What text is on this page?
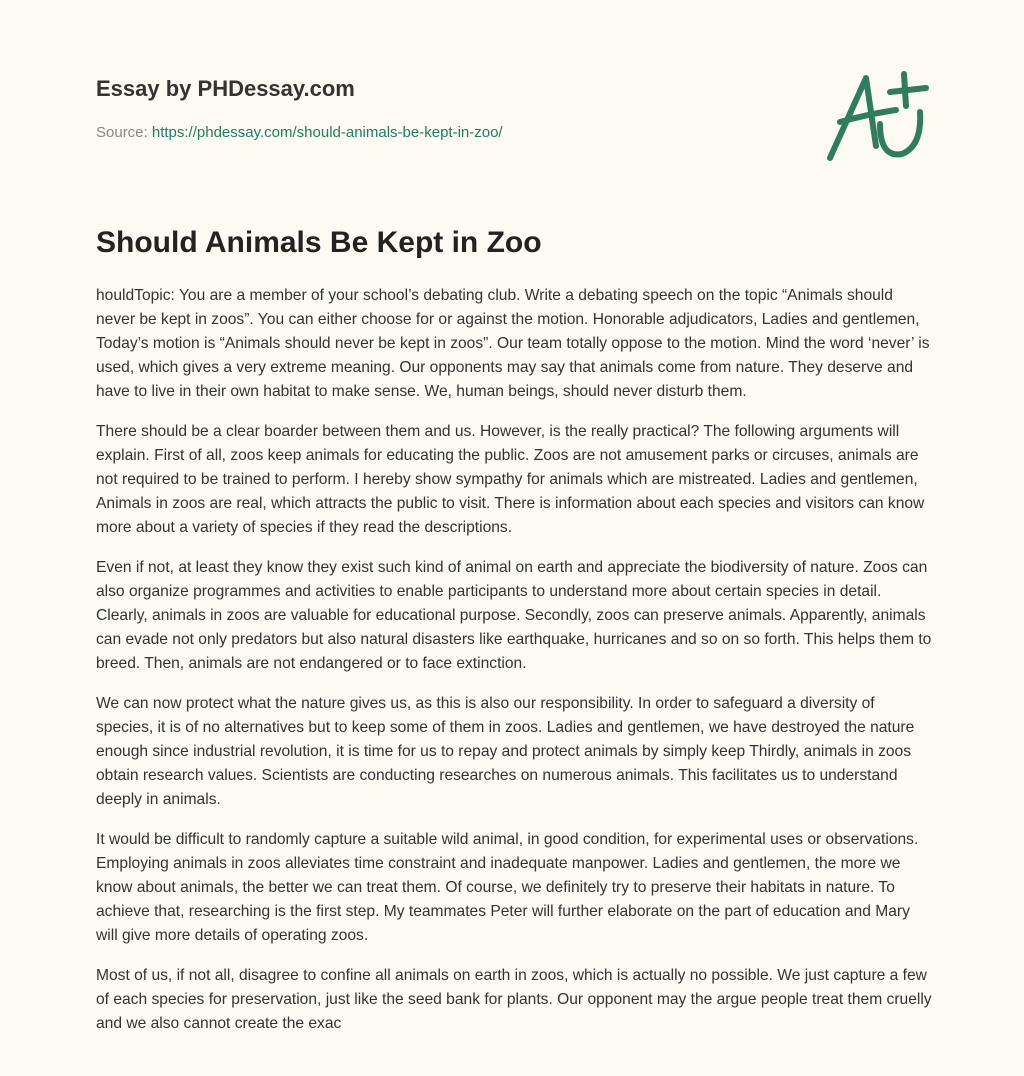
Essay by PHDessay.com
Source: https://phdessay.com/should-animals-be-kept-in-zoo/
Should Animals Be Kept in Zoo

houldTopic: You are a member of your school’s debating club. Write a debating speech on the topic “Animals should never be kept in zoos”. You can either choose for or against the motion. Honorable adjudicators, Ladies and gentlemen, Today’s motion is “Animals should never be kept in zoos”. Our team totally oppose to the motion. Mind the word ‘never’ is used, which gives a very extreme meaning. Our opponents may say that animals come from nature. They deserve and have to live in their own habitat to make sense. We, human beings, should never disturb them.

There should be a clear boarder between them and us. However, is the really practical? The following arguments will explain. First of all, zoos keep animals for educating the public. Zoos are not amusement parks or circuses, animals are not required to be trained to perform. I hereby show sympathy for animals which are mistreated. Ladies and gentlemen, Animals in zoos are real, which attracts the public to visit. There is information about each species and visitors can know more about a variety of species if they read the descriptions.

Even if not, at least they know they exist such kind of animal on earth and appreciate the biodiversity of nature. Zoos can also organize programmes and activities to enable participants to understand more about certain species in detail. Clearly, animals in zoos are valuable for educational purpose. Secondly, zoos can preserve animals. Apparently, animals can evade not only predators but also natural disasters like earthquake, hurricanes and so on so forth. This helps them to breed. Then, animals are not endangered or to face extinction.

We can now protect what the nature gives us, as this is also our responsibility. In order to safeguard a diversity of species, it is of no alternatives but to keep some of them in zoos. Ladies and gentlemen, we have destroyed the nature enough since industrial revolution, it is time for us to repay and protect animals by simply keep Thirdly, animals in zoos obtain research values. Scientists are conducting researches on numerous animals. This facilitates us to understand deeply in animals.

It would be difficult to randomly capture a suitable wild animal, in good condition, for experimental uses or observations. Employing animals in zoos alleviates time constraint and inadequate manpower. Ladies and gentlemen, the more we know about animals, the better we can treat them. Of course, we definitely try to preserve their habitats in nature. To achieve that, researching is the first step. My teammates Peter will further elaborate on the part of education and Mary will give more details of operating zoos.

Most of us, if not all, disagree to confine all animals on earth in zoos, which is actually no possible. We just capture a few of each species for preservation, just like the seed bank for plants. Our opponent may the argue people treat them cruelly and we also cannot create the exac
